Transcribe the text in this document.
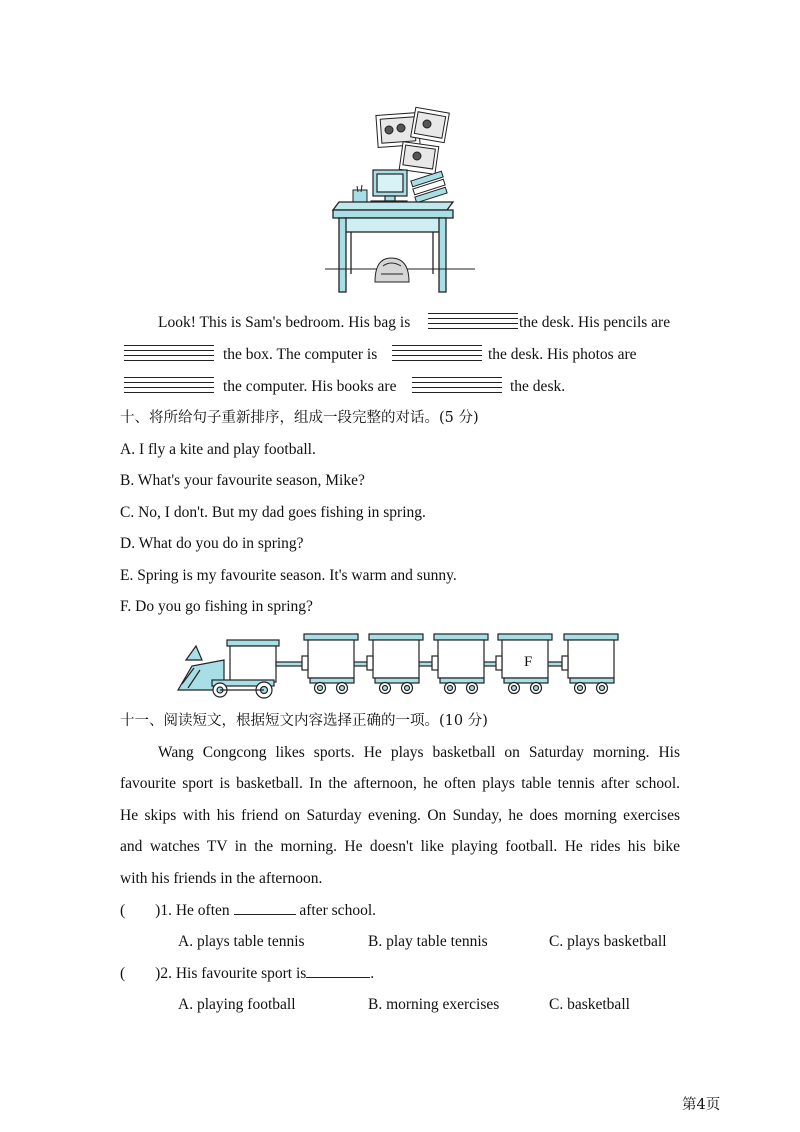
Look! This is Sam's bedroom. His bag is	the desk. His pencils are
the box. The computer is	the desk. His photos are
the computer. His books are	the desk.
十、将所给句子重新排序，组成一段完整的对话。(5 分)
A. I fly a kite and play football.
B. What's your favourite season, Mike?
C. No, I don't. But my dad goes fishing in spring.
D. What do you do in spring?
E. Spring is my favourite season. It's warm and sunny.
F. Do you go fishing in spring?
F
十一、阅读短文，根据短文内容选择正确的一项。(10 分)
Wang Congcong likes sports. He plays basketball on Saturday morning. His
favourite sport is basketball. In the afternoon, he often plays table tennis after school.
He skips with his friend on Saturday evening. On Sunday, he does morning exercises
and watches TV in the morning. He doesn't like playing football. He rides his bike
with his friends in the afternoon.
( )1. He often	after school.
A. plays table tennis	B. play table tennis	C. plays basketball
( )2. His favourite sport is	.
A. playing football	B. morning exercises	C. basketball
第4页
